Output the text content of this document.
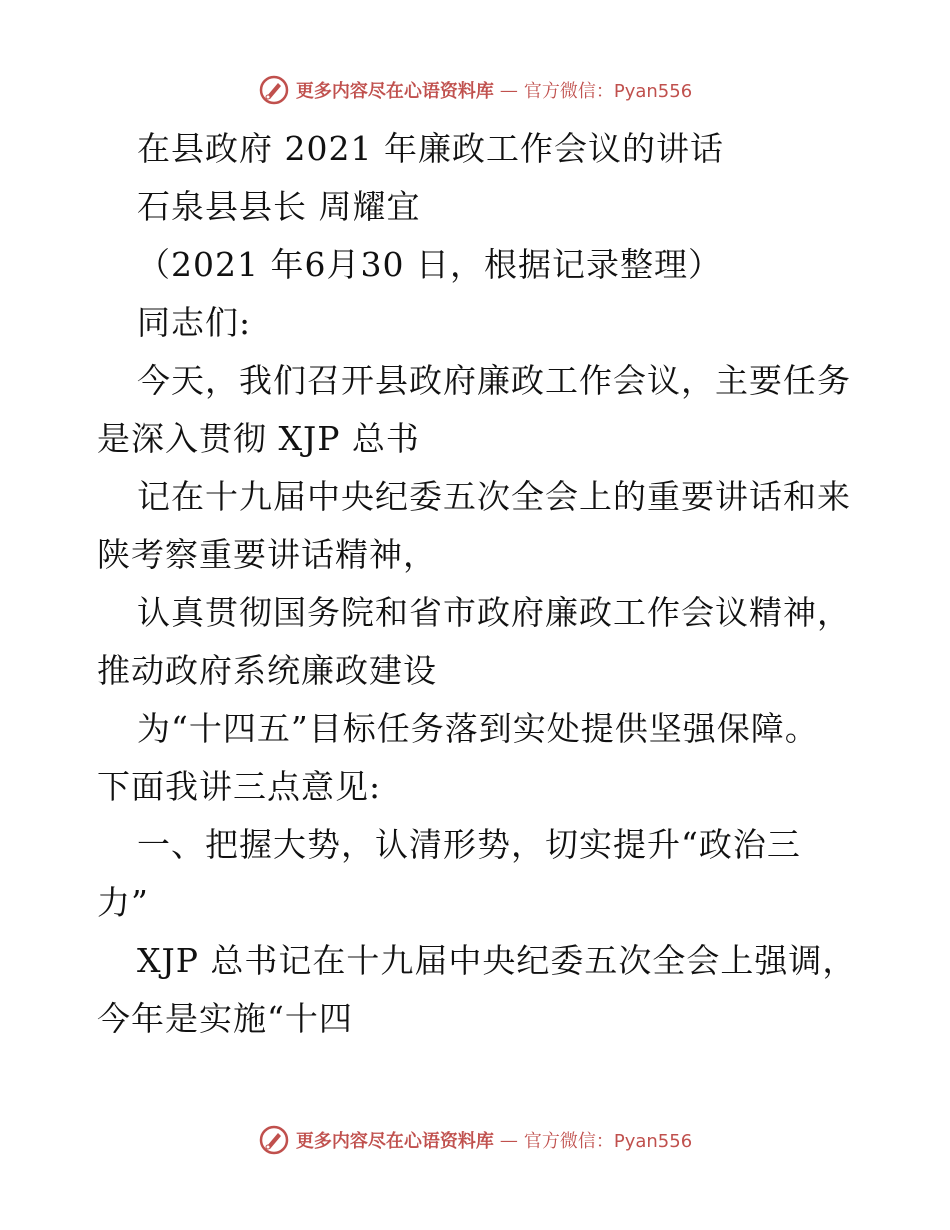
更多内容尽在心语资料库 — 官方微信：Pyan556
在县政府 2021 年廉政工作会议的讲话
石泉县县长 周耀宜
（2021 年6月30 日，根据记录整理）
同志们:
今天，我们召开县政府廉政工作会议，主要任务
是深入贯彻 XJP 总书
记在十九届中央纪委五次全会上的重要讲话和来
陕考察重要讲话精神，
认真贯彻国务院和省市政府廉政工作会议精神，
推动政府系统廉政建设
为“十四五”目标任务落到实处提供坚强保障。
下面我讲三点意见:
一、把握大势，认清形势，切实提升“政治三
力”
XJP 总书记在十九届中央纪委五次全会上强调，
今年是实施“十四
更多内容尽在心语资料库 — 官方微信：Pyan556
